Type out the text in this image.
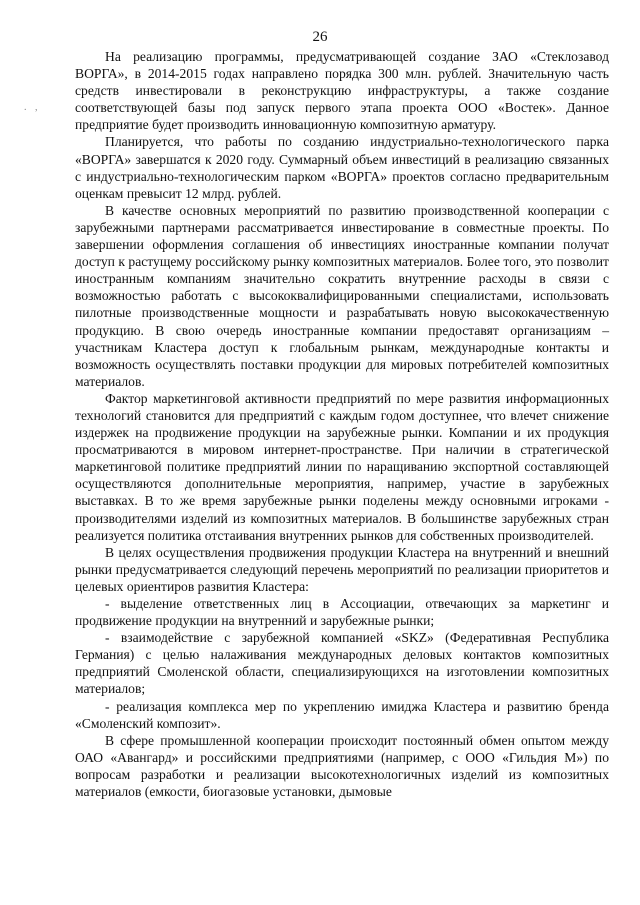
26
. ,

На реализацию программы, предусматривающей создание ЗАО «Стеклозавод ВОРГА», в 2014-2015 годах направлено порядка 300 млн. рублей. Значительную часть средств инвестировали в реконструкцию инфраструктуры, а также создание соответствующей базы под запуск первого этапа проекта ООО «Востек». Данное предприятие будет производить инновационную композитную арматуру.

Планируется, что работы по созданию индустриально-технологического парка «ВОРГА» завершатся к 2020 году. Суммарный объем инвестиций в реализацию связанных с индустриально-технологическим парком «ВОРГА» проектов согласно предварительным оценкам превысит 12 млрд. рублей.

В качестве основных мероприятий по развитию производственной кооперации с зарубежными партнерами рассматривается инвестирование в совместные проекты. По завершении оформления соглашения об инвестициях иностранные компании получат доступ к растущему российскому рынку композитных материалов. Более того, это позволит иностранным компаниям значительно сократить внутренние расходы в связи с возможностью работать с высококвалифицированными специалистами, использовать пилотные производственные мощности и разрабатывать новую высококачественную продукцию. В свою очередь иностранные компании предоставят организациям – участникам Кластера доступ к глобальным рынкам, международные контакты и возможность осуществлять поставки продукции для мировых потребителей композитных материалов.

Фактор маркетинговой активности предприятий по мере развития информационных технологий становится для предприятий с каждым годом доступнее, что влечет снижение издержек на продвижение продукции на зарубежные рынки. Компании и их продукция просматриваются в мировом интернет-пространстве. При наличии в стратегической маркетинговой политике предприятий линии по наращиванию экспортной составляющей осуществляются дополнительные мероприятия, например, участие в зарубежных выставках. В то же время зарубежные рынки поделены между основными игроками - производителями изделий из композитных материалов. В большинстве зарубежных стран реализуется политика отстаивания внутренних рынков для собственных производителей.

В целях осуществления продвижения продукции Кластера на внутренний и внешний рынки предусматривается следующий перечень мероприятий по реализации приоритетов и целевых ориентиров развития Кластера:

- выделение ответственных лиц в Ассоциации, отвечающих за маркетинг и продвижение продукции на внутренний и зарубежные рынки;

- взаимодействие с зарубежной компанией «SKZ» (Федеративная Республика Германия) с целью налаживания международных деловых контактов композитных предприятий Смоленской области, специализирующихся на изготовлении композитных материалов;

- реализация комплекса мер по укреплению имиджа Кластера и развитию бренда «Смоленский композит».

В сфере промышленной кооперации происходит постоянный обмен опытом между ОАО «Авангард» и российскими предприятиями (например, с ООО «Гильдия М») по вопросам разработки и реализации высокотехнологичных изделий из композитных материалов (емкости, биогазовые установки, дымовые
